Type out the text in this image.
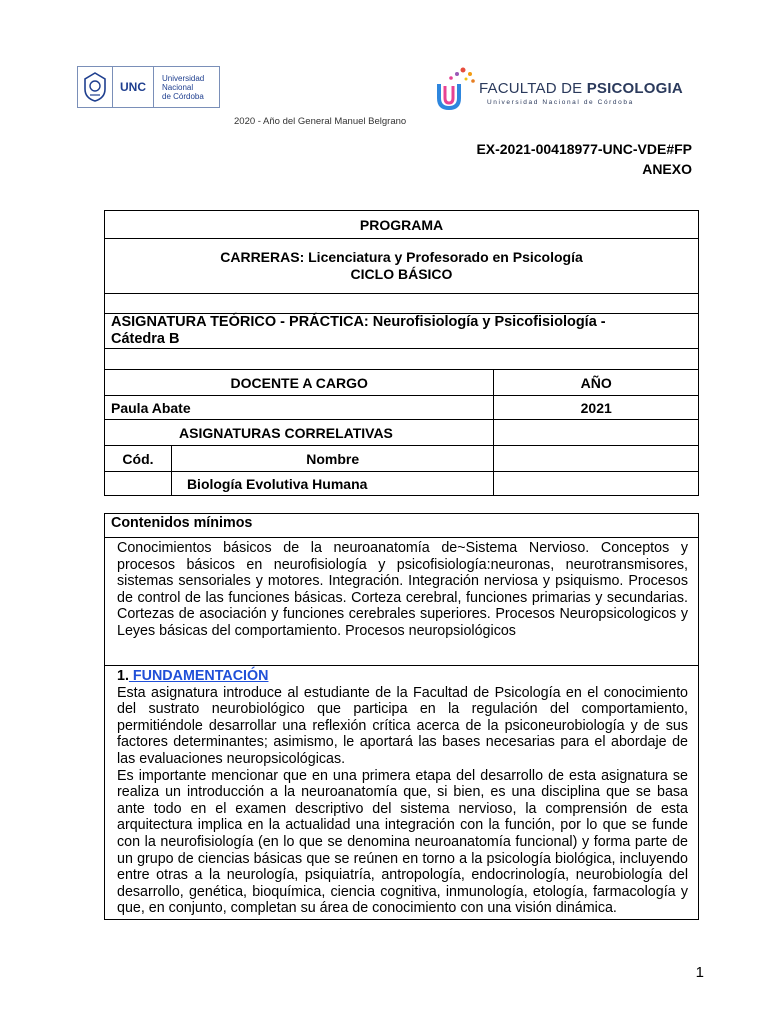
UNC
Universidad
Nacional
de Córdoba	FACULTAD DE PSICOLOGIA
Universidad Nacional de Córdoba
2020 - Año del General Manuel Belgrano
EX-2021-00418977-UNC-VDE#FP
ANEXO
PROGRAMA		

CARRERAS: Licenciatura y Profesorado en Psicología
CICLO BÁSICO		

ASIGNATURA TEÓRICO - PRÁCTICA: Neurofisiología y Psicofisiología -
Cátedra B		

DOCENTE A CARGO		AÑO
Paula Abate		2021
ASIGNATURAS CORRELATIVAS		
Cód.	Nombre	
	Biología Evolutiva Humana	
Contenidos mínimos
Conocimientos básicos de la neuroanatomía de~Sistema Nervioso. Conceptos y procesos básicos en neurofisiología y psicofisiología:neuronas, neurotransmisores, sistemas sensoriales y motores. Integración. Integración nerviosa y psiquismo. Procesos de control de las funciones básicas. Corteza cerebral, funciones primarias y secundarias. Cortezas de asociación y funciones cerebrales superiores. Procesos Neuropsicologicos y Leyes básicas del comportamiento. Procesos neuropsiológicos

1. FUNDAMENTACIÓN

Esta asignatura introduce al estudiante de la Facultad de Psicología en el conocimiento del sustrato neurobiológico que participa en la regulación del comportamiento, permitiéndole desarrollar una reflexión crítica acerca de la psiconeurobiología y de sus factores determinantes; asimismo, le aportará las bases necesarias para el abordaje de las evaluaciones neuropsicológicas.

Es importante mencionar que en una primera etapa del desarrollo de esta asignatura se realiza un introducción a la neuroanatomía que, si bien, es una disciplina que se basa ante todo en el examen descriptivo del sistema nervioso, la comprensión de esta arquitectura implica en la actualidad una integración con la función, por lo que se funde con la neurofisiología (en lo que se denomina neuroanatomía funcional) y forma parte de un grupo de ciencias básicas que se reúnen en torno a la psicología biológica, incluyendo entre otras a la neurología, psiquiatría, antropología, endocrinología, neurobiología del desarrollo, genética, bioquímica, ciencia cognitiva, inmunología, etología, farmacología y que, en conjunto, completan su área de conocimiento con una visión dinámica.

1
